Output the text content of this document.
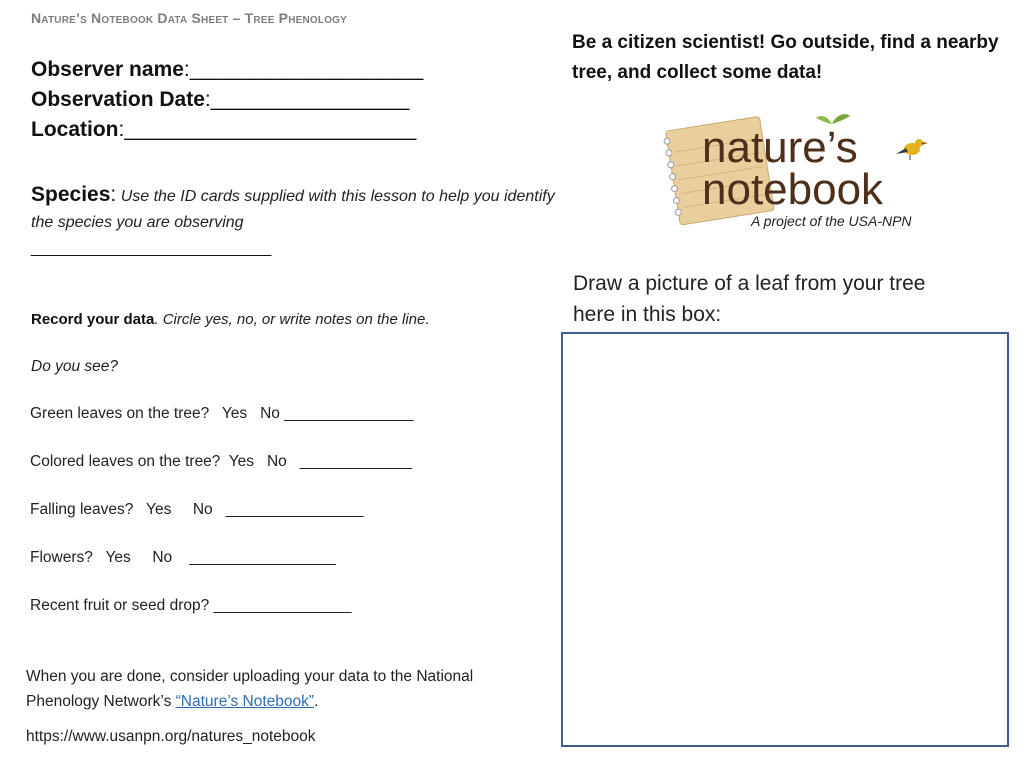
Nature’s Notebook Data Sheet – Tree Phenology
Observer name:____________________
Observation Date:_________________
Location:_________________________
Species: Use the ID cards supplied with this lesson to help you identify the species you are observing
___________________________
Record your data. Circle yes, no, or write notes on the line.
Do you see?
Green leaves on the tree?   Yes   No _______________
Colored leaves on the tree?  Yes   No   _____________
Falling leaves?   Yes     No   ________________
Flowers?   Yes     No    _________________
Recent fruit or seed drop? ________________
When you are done, consider uploading your data to the National Phenology Network’s “Nature’s Notebook”.
https://www.usanpn.org/natures_notebook
Be a citizen scientist! Go outside, find a nearby tree, and collect some data!
nature’s
notebook
A project of the USA-NPN
Draw a picture of a leaf from your tree here in this box:
